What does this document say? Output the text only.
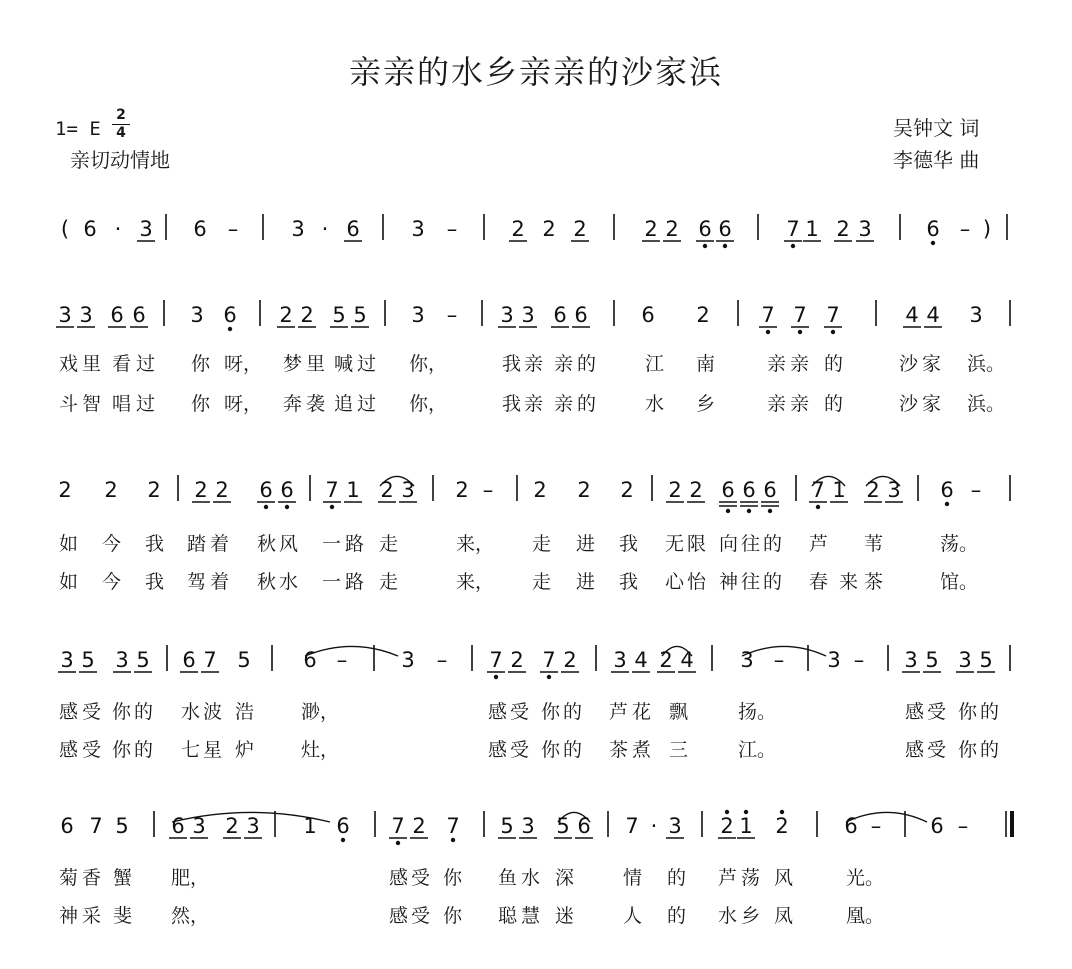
亲亲的水乡亲亲的沙家浜
1= E
2
4
亲切动情地
吴钟文 词
李德华 曲
( 6 · 3 6 –	3 · 6 3 –	2 2 2	2 2 6 6	7 1 2 3	6 – )
3 3 6 6 3 6 2 2 5 5 3 – 3 3 6 6	6 2 7 7 7	4 4 3
2 2 2 2 2 6 6 7 1 2 3 2 – 2 2 2 2 2 6 6 6 7 1 2 3 6 –
3 5 3 5 6 7 5	6 –	3 – 7 2 7 2 3 4 2 4 3 – 3 – 3 5 3 5
6 7 5 6 3 2 3 1 6 7 2 7 5 3 5 6 7 · 3 2 1 2	6 – 6 –
戏 里 看 过 你 呀， 梦 里 喊 过 你，	我 亲 亲 的	江 南	亲 亲 的	沙 家 浜。
斗 智 唱 过 你 呀， 奔 袭 追 过 你，	我 亲 亲 的	水 乡	亲 亲 的	沙 家 浜。
如 今 我 踏 着 秋 风 一 路 走	来， 走 进 我 无 限 向 往 的 芦 苇	荡。
如 今 我 驾 着 秋 水 一 路 走	来， 走 进 我 心 怡 神 往 的 春 来 茶	馆。
感 受 你 的 水 波 浩 渺，	感 受 你 的 芦 花 飘	扬。	感 受 你 的
感 受 你 的 七 星 炉 灶，	感 受 你 的 茶 煮 三	江。	感 受 你 的
菊 香 蟹 肥，	感 受 你 鱼 水 深	情 的 芦 荡 风	光。
神 采 斐 然，	感 受 你 聪 慧 迷	人 的 水 乡 凤	凰。
